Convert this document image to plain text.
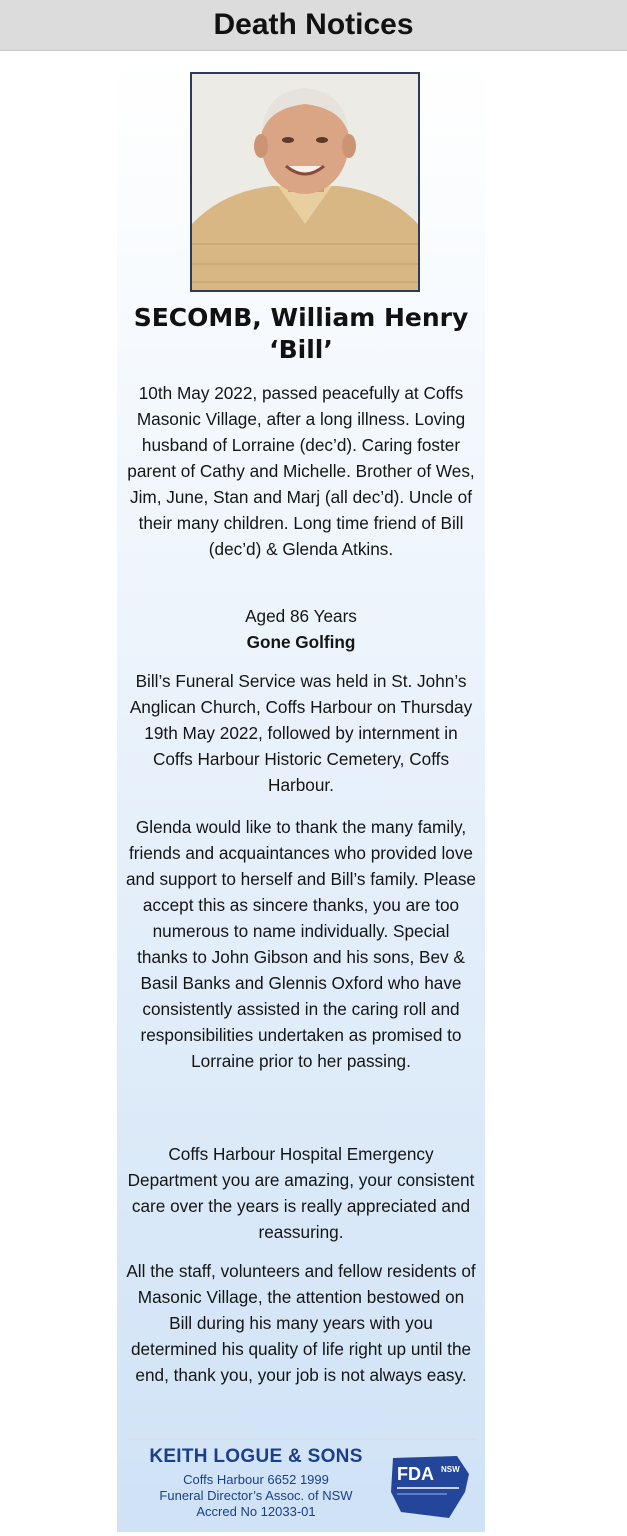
Death Notices
SECOMB, William Henry
‘Bill’
10th May 2022, passed peacefully at Coffs Masonic Village, after a long illness. Loving husband of Lorraine (dec’d). Caring foster parent of Cathy and Michelle. Brother of Wes, Jim, June, Stan and Marj (all dec’d). Uncle of their many children. Long time friend of Bill (dec’d) & Glenda Atkins.
Aged 86 Years
Gone Golfing
Bill’s Funeral Service was held in St. John’s Anglican Church, Coffs Harbour on Thursday 19th May 2022, followed by internment in Coffs Harbour Historic Cemetery, Coffs Harbour.
Glenda would like to thank the many family, friends and acquaintances who provided love and support to herself and Bill’s family. Please accept this as sincere thanks, you are too numerous to name individually. Special thanks to John Gibson and his sons, Bev & Basil Banks and Glennis Oxford who have consistently assisted in the caring roll and responsibilities undertaken as promised to Lorraine prior to her passing.
Coffs Harbour Hospital Emergency Department you are amazing, your consistent care over the years is really appreciated and reassuring.
All the staff, volunteers and fellow residents of Masonic Village, the attention bestowed on Bill during his many years with you determined his quality of life right up until the end, thank you, your job is not always easy.
KEITH LOGUE & SONS
Coffs Harbour 6652 1999
Funeral Director’s Assoc. of NSW
Accred No 12033-01
FDA NSW
